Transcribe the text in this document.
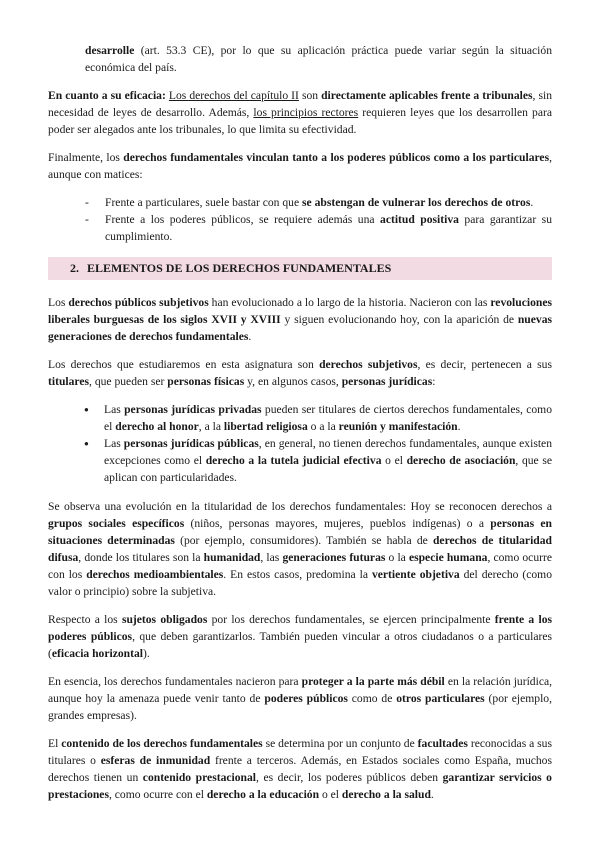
desarrolle (art. 53.3 CE), por lo que su aplicación práctica puede variar según la situación económica del país.

En cuanto a su eficacia: Los derechos del capítulo II son directamente aplicables frente a tribunales, sin necesidad de leyes de desarrollo. Además, los principios rectores requieren leyes que los desarrollen para poder ser alegados ante los tribunales, lo que limita su efectividad.

Finalmente, los derechos fundamentales vinculan tanto a los poderes públicos como a los particulares, aunque con matices:

- Frente a particulares, suele bastar con que se abstengan de vulnerar los derechos de otros.
- Frente a los poderes públicos, se requiere además una actitud positiva para garantizar su cumplimiento.
2. ELEMENTOS DE LOS DERECHOS FUNDAMENTALES

Los derechos públicos subjetivos han evolucionado a lo largo de la historia. Nacieron con las revoluciones liberales burguesas de los siglos XVII y XVIII y siguen evolucionando hoy, con la aparición de nuevas generaciones de derechos fundamentales.

Los derechos que estudiaremos en esta asignatura son derechos subjetivos, es decir, pertenecen a sus titulares, que pueden ser personas físicas y, en algunos casos, personas jurídicas:

● Las personas jurídicas privadas pueden ser titulares de ciertos derechos fundamentales, como el derecho al honor, a la libertad religiosa o a la reunión y manifestación.
● Las personas jurídicas públicas, en general, no tienen derechos fundamentales, aunque existen excepciones como el derecho a la tutela judicial efectiva o el derecho de asociación, que se aplican con particularidades.

Se observa una evolución en la titularidad de los derechos fundamentales: Hoy se reconocen derechos a grupos sociales específicos (niños, personas mayores, mujeres, pueblos indígenas) o a personas en situaciones determinadas (por ejemplo, consumidores). También se habla de derechos de titularidad difusa, donde los titulares son la humanidad, las generaciones futuras o la especie humana, como ocurre con los derechos medioambientales. En estos casos, predomina la vertiente objetiva del derecho (como valor o principio) sobre la subjetiva.

Respecto a los sujetos obligados por los derechos fundamentales, se ejercen principalmente frente a los poderes públicos, que deben garantizarlos. También pueden vincular a otros ciudadanos o a particulares (eficacia horizontal).

En esencia, los derechos fundamentales nacieron para proteger a la parte más débil en la relación jurídica, aunque hoy la amenaza puede venir tanto de poderes públicos como de otros particulares (por ejemplo, grandes empresas).

El contenido de los derechos fundamentales se determina por un conjunto de facultades reconocidas a sus titulares o esferas de inmunidad frente a terceros. Además, en Estados sociales como España, muchos derechos tienen un contenido prestacional, es decir, los poderes públicos deben garantizar servicios o prestaciones, como ocurre con el derecho a la educación o el derecho a la salud.
